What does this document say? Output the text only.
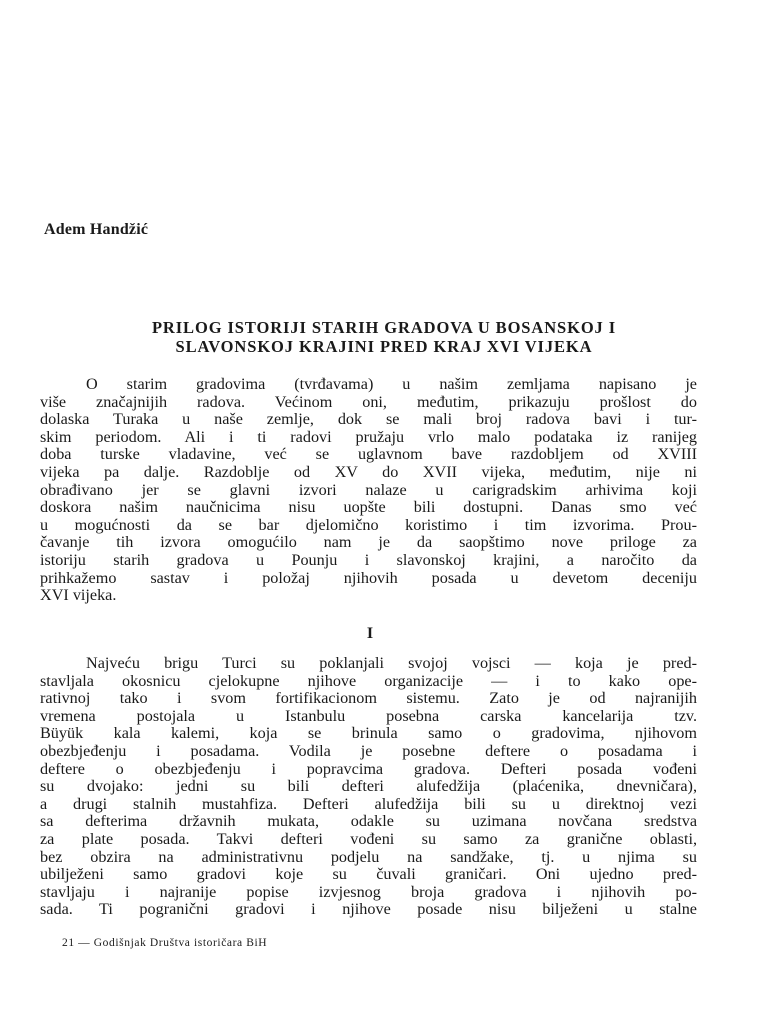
Adem Handžić
PRILOG ISTORIJI STARIH GRADOVA U BOSANSKOJ I
SLAVONSKOJ KRAJINI PRED KRAJ XVI VIJEKA
O starim gradovima (tvrđavama) u našim zemljama napisano je
više značajnijih radova. Većinom oni, međutim, prikazuju prošlost do
dolaska Turaka u naše zemlje, dok se mali broj radova bavi i tur-
skim periodom. Ali i ti radovi pružaju vrlo malo podataka iz ranijeg
doba turske vladavine, već se uglavnom bave razdobljem od XVIII
vijeka pa dalje. Razdoblje od XV do XVII vijeka, međutim, nije ni
obrađivano jer se glavni izvori nalaze u carigradskim arhivima koji
doskora našim naučnicima nisu uopšte bili dostupni. Danas smo već
u mogućnosti da se bar djelomično koristimo i tim izvorima. Prou-
čavanje tih izvora omogućilo nam je da saopštimo nove priloge za
istoriju starih gradova u Pounju i slavonskoj krajini, a naročito da
prihkažemo sastav i položaj njihovih posada u devetom deceniju
XVI vijeka.
I
Najveću brigu Turci su poklanjali svojoj vojsci — koja je pred-
stavljala okosnicu cjelokupne njihove organizacije — i to kako ope-
rativnoj tako i svom fortifikacionom sistemu. Zato je od najranijih
vremena postojala u Istanbulu posebna carska kancelarija tzv.
Büyük kala kalemi, koja se brinula samo o gradovima, njihovom
obezbjeđenju i posadama. Vodila je posebne deftere o posadama i
deftere o obezbjeđenju i popravcima gradova. Defteri posada vođeni
su dvojako: jedni su bili defteri alufedžija (plaćenika, dnevničara),
a drugi stalnih mustahfiza. Defteri alufedžija bili su u direktnoj vezi
sa defterima državnih mukata, odakle su uzimana novčana sredstva
za plate posada. Takvi defteri vođeni su samo za granične oblasti,
bez obzira na administrativnu podjelu na sandžake, tj. u njima su
ubilježeni samo gradovi koje su čuvali graničari. Oni ujedno pred-
stavljaju i najranije popise izvjesnog broja gradova i njihovih po-
sada. Ti pogranični gradovi i njihove posade nisu bilježeni u stalne
21 — Godišnjak Društva istoričara BiH
